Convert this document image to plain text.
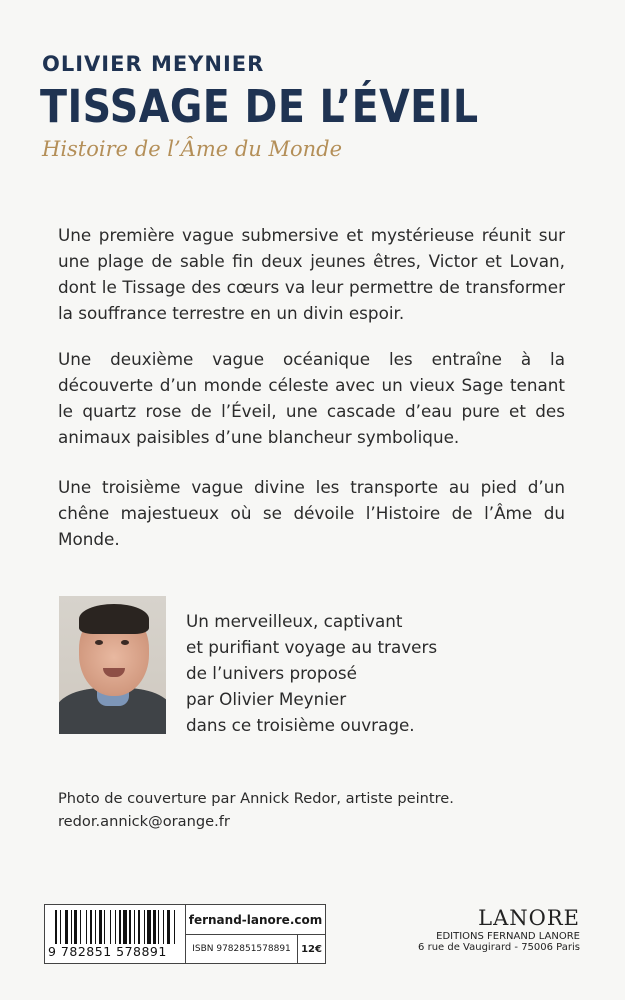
OLIVIER MEYNIER
TISSAGE DE L’ÉVEIL
Histoire de l’Âme du Monde
Une première vague submersive et mystérieuse réunit sur une plage de sable fin deux jeunes êtres, Victor et Lovan, dont le Tissage des cœurs va leur permettre de transformer la souffrance terrestre en un divin espoir.
Une deuxième vague océanique les entraîne à la découverte d’un monde céleste avec un vieux Sage tenant le quartz rose de l’Éveil, une cascade d’eau pure et des animaux paisibles d’une blancheur symbolique.
Une troisième vague divine les transporte au pied d’un chêne majestueux où se dévoile l’Histoire de l’Âme du Monde.
Un merveilleux, captivant
et purifiant voyage au travers
de l’univers proposé
par Olivier Meynier
dans ce troisième ouvrage.
Photo de couverture par Annick Redor, artiste peintre.
redor.annick@orange.fr
9 782851 578891
fernand-lanore.com
ISBN 9782851578891	12€
LANORE
EDITIONS FERNAND LANORE
6 rue de Vaugirard - 75006 Paris
